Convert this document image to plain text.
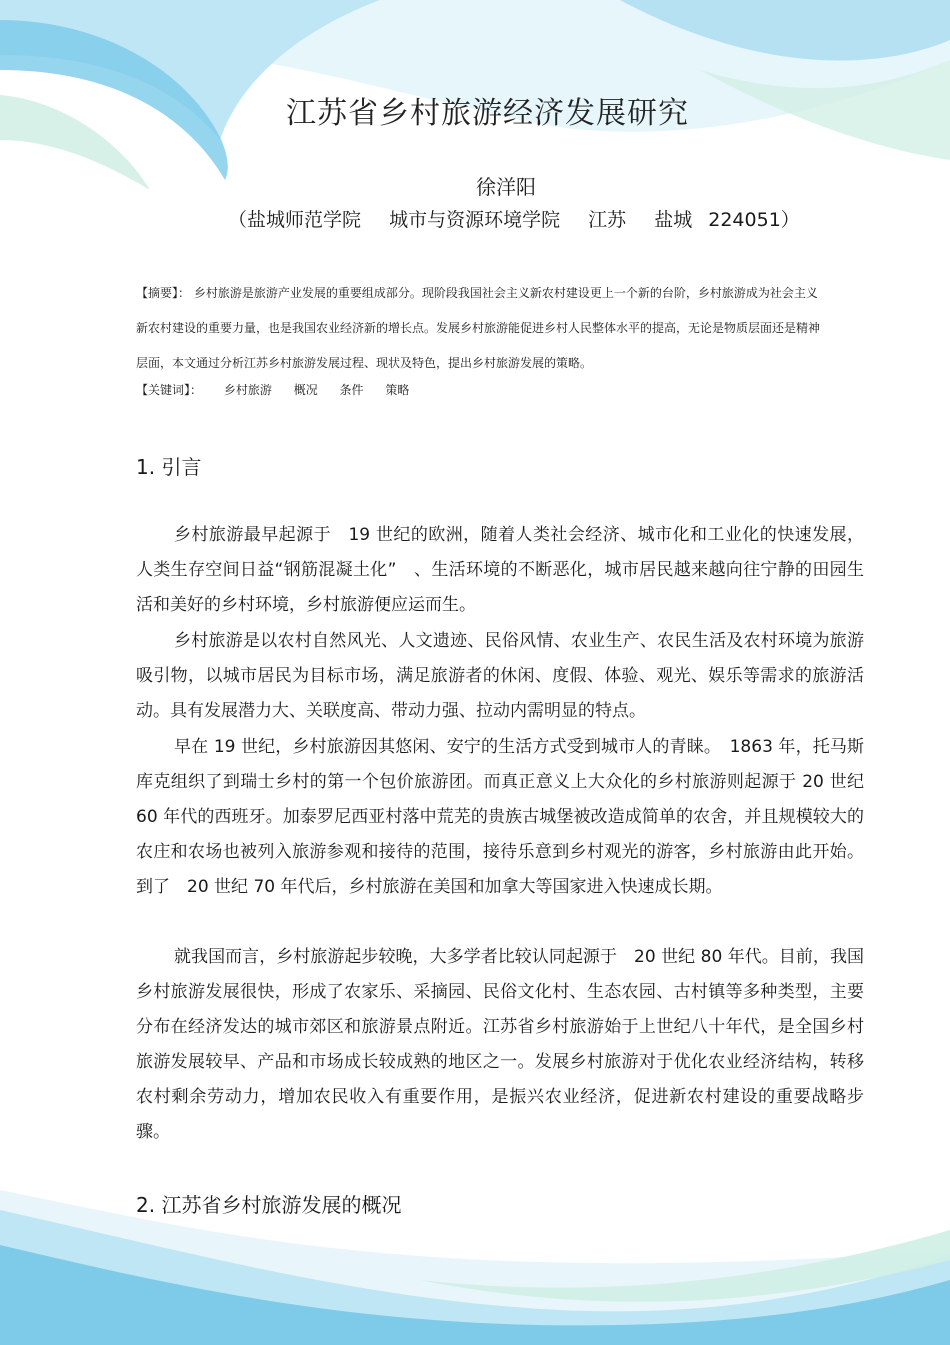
江苏省乡村旅游经济发展研究

徐洋阳

（盐城师范学院 城市与资源环境学院 江苏 盐城 224051）

【摘要】： 乡村旅游是旅游产业发展的重要组成部分。现阶段我国社会主义新农村建设更上一个新的台阶，乡村旅游成为社会主义新农村建设的重要力量，也是我国农业经济新的增长点。发展乡村旅游能促进乡村人民整体水平的提高，无论是物质层面还是精神层面，本文通过分析江苏乡村旅游发展过程、现状及特色，提出乡村旅游发展的策略。

【关键词】： 乡村旅游 概况 条件 策略

1. 引言

乡村旅游最早起源于　19 世纪的欧洲，随着人类社会经济、城市化和工业化的快速发展，人类生存空间日益“钢筋混凝土化”　、生活环境的不断恶化，城市居民越来越向往宁静的田园生活和美好的乡村环境，乡村旅游便应运而生。

乡村旅游是以农村自然风光、人文遗迹、民俗风情、农业生产、农民生活及农村环境为旅游吸引物，以城市居民为目标市场，满足旅游者的休闲、度假、体验、观光、娱乐等需求的旅游活动。具有发展潜力大、关联度高、带动力强、拉动内需明显的特点。

早在 19 世纪，乡村旅游因其悠闲、安宁的生活方式受到城市人的青睐。　1863 年，托马斯库克组织了到瑞士乡村的第一个包价旅游团。而真正意义上大众化的乡村旅游则起源于 20 世纪 60 年代的西班牙。加泰罗尼西亚村落中荒芜的贵族古城堡被改造成简单的农舍，并且规模较大的农庄和农场也被列入旅游参观和接待的范围，接待乐意到乡村观光的游客，乡村旅游由此开始。到了　20 世纪 70 年代后，乡村旅游在美国和加拿大等国家进入快速成长期。

就我国而言，乡村旅游起步较晚，大多学者比较认同起源于　20 世纪 80 年代。目前，我国乡村旅游发展很快，形成了农家乐、采摘园、民俗文化村、生态农园、古村镇等多种类型，主要分布在经济发达的城市郊区和旅游景点附近。江苏省乡村旅游始于上世纪八十年代，是全国乡村旅游发展较早、产品和市场成长较成熟的地区之一。发展乡村旅游对于优化农业经济结构，转移农村剩余劳动力，增加农民收入有重要作用，是振兴农业经济，促进新农村建设的重要战略步骤。

2. 江苏省乡村旅游发展的概况
